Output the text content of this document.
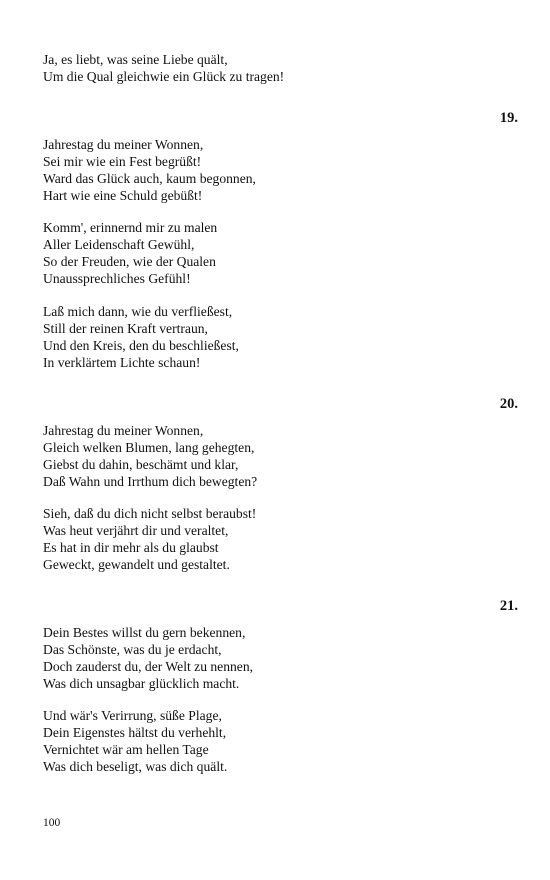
Ja, es liebt, was seine Liebe quält,
Um die Qual gleichwie ein Glück zu tragen!
19.
Jahrestag du meiner Wonnen,
Sei mir wie ein Fest begrüßt!
Ward das Glück auch, kaum begonnen,
Hart wie eine Schuld gebüßt!
Komm', erinnernd mir zu malen
Aller Leidenschaft Gewühl,
So der Freuden, wie der Qualen
Unaussprechliches Gefühl!
Laß mich dann, wie du verfließest,
Still der reinen Kraft vertraun,
Und den Kreis, den du beschließest,
In verklärtem Lichte schaun!
20.
Jahrestag du meiner Wonnen,
Gleich welken Blumen, lang gehegten,
Giebst du dahin, beschämt und klar,
Daß Wahn und Irrthum dich bewegten?
Sieh, daß du dich nicht selbst beraubst!
Was heut verjährt dir und veraltet,
Es hat in dir mehr als du glaubst
Geweckt, gewandelt und gestaltet.
21.
Dein Bestes willst du gern bekennen,
Das Schönste, was du je erdacht,
Doch zauderst du, der Welt zu nennen,
Was dich unsagbar glücklich macht.
Und wär's Verirrung, süße Plage,
Dein Eigenstes hältst du verhehlt,
Vernichtet wär am hellen Tage
Was dich beseligt, was dich quält.
100
